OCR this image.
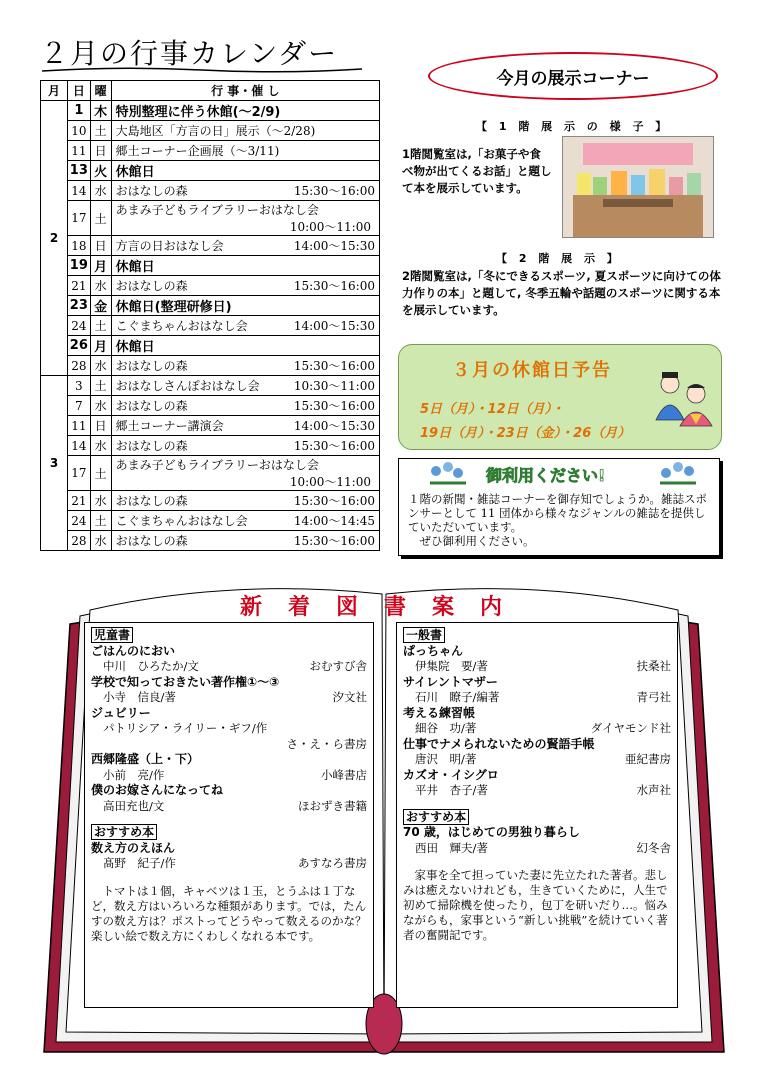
２月の行事カレンダー
月	日	曜	行 事・催 し
2	1	木	特別整理に伴う休館(～2/9)

	10	土	大島地区「方言の日」展示（～2/28)

	11	日	郷土コーナー企画展（～3/11)

	13	火	休館日

	14	水	おはなしの森 15:30～16:00

	17	土	あまみ子どもライブラリーおはなし会
10:00～11:00

	18	日	方言の日おはなし会 14:00～15:30

	19	月	休館日

	21	水	おはなしの森 15:30～16:00

	23	金	休館日(整理研修日)

	24	土	こぐまちゃんおはなし会 14:00～15:30

	26	月	休館日

	28	水	おはなしの森 15:30～16:00

3	3	土	おはなしさんぽおはなし会 10:30～11:00

	7	水	おはなしの森 15:30～16:00

	11	日	郷土コーナー講演会 14:00～15:30

	14	水	おはなしの森 15:30～16:00

	17	土	あまみ子どもライブラリーおはなし会
10:00～11:00

	21	水	おはなしの森 15:30～16:00

	24	土	こぐまちゃんおはなし会 14:00～14:45

	28	水	おはなしの森 15:30～16:00
今月の展示コーナー
【 1 階 展 示 の 様 子 】
1階閲覧室は,「お菓子や食べ物が出てくるお話」と題して本を展示しています。
【 2 階 展 示 】
2階閲覧室は,「冬にできるスポーツ, 夏スポーツに向けての体力作りの本」と題して, 冬季五輪や話題のスポーツに関する本を展示しています。
３月の休館日予告
5日（月）・12日（月）・
19日（月）・23日（金）・26（月）
御利用ください!
１階の新聞・雑誌コーナーを御存知でしょうか。雑誌スポンサーとして 11 団体から様々なジャンルの雑誌を提供していただいています。
　ぜひ御利用ください。
新着図書案内
児童書
ごはんのにおい
中川　ひろたか/文	おむすび舎
学校で知っておきたい著作権①～③
小寺　信良/著	汐文社
ジュビリー
パトリシア・ライリー・ギフ/作
さ・え・ら書房
西郷隆盛（上・下）
小前　亮/作	小峰書店
僕のお嫁さんになってね
高田充也/文	ほおずき書籍
おすすめ本
数え方のえほん
髙野　紀子/作	あすなろ書房
トマトは１個，キャベツは１玉，とうふは１丁など，数え方はいろいろな種類があります。では，たんすの数え方は？ポストってどうやって数えるのかな？楽しい絵で数え方にくわしくなれる本です。
一般書
ぱっちゃん
伊集院　要/著	扶桑社
サイレントマザー
石川　瞭子/編著	青弓社
考える練習帳
細谷　功/著	ダイヤモンド社
仕事でナメられないための賢語手帳
唐沢　明/著	亜紀書房
カズオ・イシグロ
平井　杏子/著	水声社
おすすめ本
70 歳，はじめての男独り暮らし
西田　輝夫/著	幻冬舎
家事を全て担っていた妻に先立たれた著者。悲しみは癒えないけれども，生きていくために，人生で初めて掃除機を使ったり，包丁を研いだり…。悩みながらも，家事という“新しい挑戦”を続けていく著者の奮闘記です。
